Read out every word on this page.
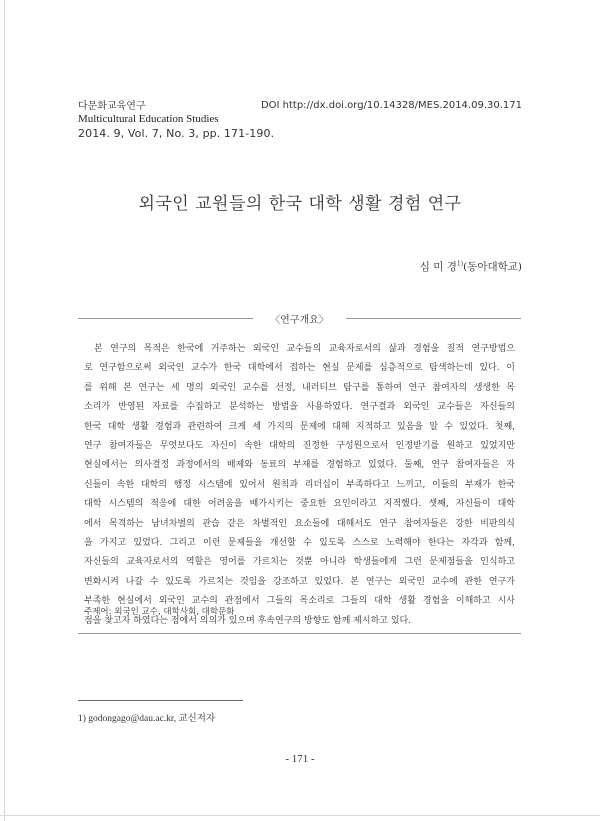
다문화교육연구
Multicultural Education Studies
2014. 9, Vol. 7, No. 3, pp. 171-190.
DOI http://dx.doi.org/10.14328/MES.2014.09.30.171
외국인 교원들의 한국 대학 생활 경험 연구
심 미 경$^{1)}$(동아대학교)
〈연구개요〉
본 연구의 목적은 한국에 거주하는 외국인 교수들의 교육자로서의 삶과 경험을 질적 연구방법으
로 연구함으로써 외국인 교수가 한국 대학에서 접하는 현실 문제를 심층적으로 탐색하는데 있다. 이
를 위해 본 연구는 세 명의 외국인 교수를 선정, 내러티브 탐구를 통하여 연구 참여자의 생생한 목
소리가 반영된 자료를 수집하고 분석하는 방법을 사용하였다. 연구결과 외국인 교수들은 자신들의
한국 대학 생활 경험과 관련하여 크게 세 가지의 문제에 대해 지적하고 있음을 알 수 있었다. 첫째,
연구 참여자들은 무엇보다도 자신이 속한 대학의 진정한 구성원으로서 인정받기를 원하고 있었지만
현실에서는 의사결정 과정에서의 배제와 동료의 부재를 경험하고 있었다. 둘째, 연구 참여자들은 자
신들이 속한 대학의 행정 시스템에 있어서 원칙과 리더십이 부족하다고 느끼고, 이들의 부재가 한국
대학 시스템의 적응에 대한 어려움을 배가시키는 중요한 요인이라고 지적했다. 셋째, 자신들이 대학
에서 목격하는 남녀차별의 관습 같은 차별적인 요소들에 대해서도 연구 참여자들은 강한 비판의식
을 가지고 있었다. 그리고 이런 문제들을 개선할 수 있도록 스스로 노력해야 한다는 자각과 함께,
자신들의 교육자로서의 역할은 영어를 가르치는 것뿐 아니라 학생들에게 그런 문제점들을 인식하고
변화시켜 나갈 수 있도록 가르치는 것임을 강조하고 있었다. 본 연구는 외국인 교수에 관한 연구가
부족한 현실에서 외국인 교수의 관점에서 그들의 목소리로 그들의 대학 생활 경험을 이해하고 시사
점을 찾고자 하였다는 점에서 의의가 있으며 후속연구의 방향도 함께 제시하고 있다.
주제어: 외국인 교수, 대학사회, 대학문화
1) godongago@dau.ac.kr, 교신저자
- 171 -
